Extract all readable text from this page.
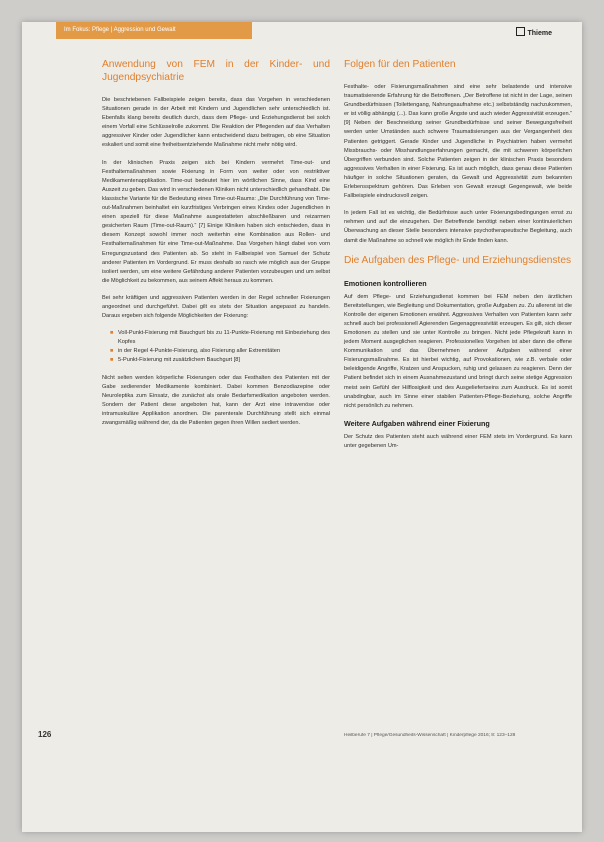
Im Fokus: Pflege | Aggression und Gewalt	Thieme
Anwendung von FEM in der Kinder- und Jugendpsychiatrie

Die beschriebenen Fallbeispiele zeigen bereits, dass das Vorgehen in verschiedenen Situationen gerade in der Arbeit mit Kindern und Jugendlichen sehr unterschiedlich ist. Ebenfalls klang bereits deutlich durch, dass dem Pflege- und Erziehungsdienst bei solch einem Vorfall eine Schlüsselrolle zukommt. Die Reaktion der Pflegenden auf das Verhalten aggressiver Kinder oder Jugendlicher kann entscheidend dazu beitragen, ob eine Situation eskaliert und somit eine freiheitsentziehende Maßnahme nicht mehr nötig wird.

In der klinischen Praxis zeigen sich bei Kindern vermehrt Time-out- und Festhaltemaßnahmen sowie Fixierung in Form von weiter oder von restriktiver Medikamentenapplikation. Time-out bedeutet hier im wörtlichen Sinne, dass Kind eine Auszeit zu geben. Das wird in verschiedenen Kliniken nicht unterschiedlich gehandhabt. Die klassische Variante für die Bedeutung eines Time-out-Raums: „Die Durchführung von Time-out-Maßnahmen beinhaltet ein kurzfristiges Verbringen eines Kindes oder Jugendlichen in einen speziell für diese Maßnahme ausgestatteten abschließbaren und reizarmen gesicherten Raum (Time-out-Raum).“ [7] Einige Kliniken haben sich entschieden, dass in diesem Konzept sowohl immer noch weiterhin eine Kombination aus Rollen- und Festhaltemaßnahmen für eine Time-out-Maßnahme. Das Vorgehen hängt dabei von vorn Erregungszustand des Patienten ab. So steht in Fallbeispiel von Samuel der Schutz anderer Patienten im Vordergrund. Er muss deshalb so rasch wie möglich aus der Gruppe isoliert werden, um eine weitere Gefährdung anderer Patienten vorzubeugen und um selbst die Möglichkeit zu bekommen, aus seinem Affekt heraus zu kommen.

Bei sehr kräftigen und aggressiven Patienten werden in der Regel schneller Fixierungen angeordnet und durchgeführt. Dabei gilt es stets der Situation angepasst zu handeln. Daraus ergeben sich folgende Möglichkeiten der Fixierung:

■ Voll-Punkt-Fixierung mit Bauchgurt bis zu 11-Punkte-Fixierung mit Einbeziehung des Kopfes
■ in der Regel 4-Punkte-Fixierung, also Fixierung aller Extremitäten
■ 5-Punkt-Fixierung mit zusätzlichem Bauchgurt [8]

Nicht selten werden körperliche Fixierungen oder das Festhalten des Patienten mit der Gabe sedierender Medikamente kombiniert. Dabei kommen Benzodiazepine oder Neuroleptika zum Einsatz, die zunächst als orale Bedarfsmedikation angeboten werden. Sondern der Patient diese angeboten hat, kann der Arzt eine intravenöse oder intramuskuläre Applikation anordnen. Die parenterale Durchführung stellt sich einmal zwangsmäßig während der, da die Patienten gegen ihren Willen sediert werden.

Folgen für den Patienten

Festhalte- oder Fixierungsmaßnahmen sind eine sehr belastende und intensive traumatisierende Erfahrung für die Betroffenen. „Der Betroffene ist nicht in der Lage, seinen Grundbedürfnissen (Toilettengang, Nahrungsaufnahme etc.) selbstständig nachzukommen, er ist völlig abhängig (...). Das kann große Ängste und auch wieder Aggressivität erzeugen.“ [9] Neben der Beschneidung seiner Grundbedürfnisse und seiner Bewegungsfreiheit werden unter Umständen auch schwere Traumatisierungen aus der Vergangenheit des Patienten getriggert. Gerade Kinder und Jugendliche in Psychiatrien haben vermehrt Missbrauchs- oder Misshandlungserfahrungen gemacht, die mit schweren körperlichen Übergriffen verbunden sind. Solche Patienten zeigen in der klinischen Praxis besonders aggressives Verhalten in einer Fixierung. Es ist auch möglich, dass genau diese Patienten häufiger in solche Situationen geraten, da Gewalt und Aggressivität zum bekannten Erlebensspektrum gehören. Das Erleben von Gewalt erzeugt Gegengewalt, wie beide Fallbeispiele eindrucksvoll zeigen.

In jedem Fall ist es wichtig, die Bedürfnisse auch unter Fixierungsbedingungen ernst zu nehmen und auf die einzugehen. Der Betreffende benötigt neben einer kontinuierlichen Überwachung an dieser Stelle besonders intensive psychotherapeutische Begleitung, auch damit die Maßnahme so schnell wie möglich ihr Ende finden kann.

Die Aufgaben des Pflege- und Erziehungsdienstes
Emotionen kontrollieren

Auf dem Pflege- und Erziehungsdienst kommen bei FEM neben den ärztlichen Bereitstellungen, wie Begleitung und Dokumentation, große Aufgaben zu. Zu allererst ist die Kontrolle der eigenen Emotionen erwähnt. Aggressives Verhalten von Patienten kann sehr schnell auch bei professionell Agierenden Gegenaggressivität erzeugen. Es gilt, sich dieser Emotionen zu stellen und sie unter Kontrolle zu bringen. Nicht jede Pflegekraft kann in jedem Moment ausgeglichen reagieren. Professionelles Vorgehen ist aber dann die offene Kommunikation und das Übernehmen anderer Aufgaben während einer Fixierungsmaßnahme. Es ist hierbei wichtig, auf Provokationen, wie z.B. verbale oder beleidigende Angriffe, Kratzen und Anspucken, ruhig und gelassen zu reagieren. Denn der Patient befindet sich in einem Ausnahmezustand und bringt durch seine stetige Aggression meist sein Gefühl der Hilflosigkeit und des Ausgeliefertseins zum Ausdruck. Es ist somit unabdingbar, auch im Sinne einer stabilen Patienten-Pflege-Beziehung, solche Angriffe nicht persönlich zu nehmen.

Weitere Aufgaben während einer Fixierung

Der Schutz des Patienten steht auch während einer FEM stets im Vordergrund. Es kann unter gegebenen Um-

126	Heilberufe 7 | Pflege/Gesundheits-Wissenschaft | Kinderpflege 2016; 8: 123–128
